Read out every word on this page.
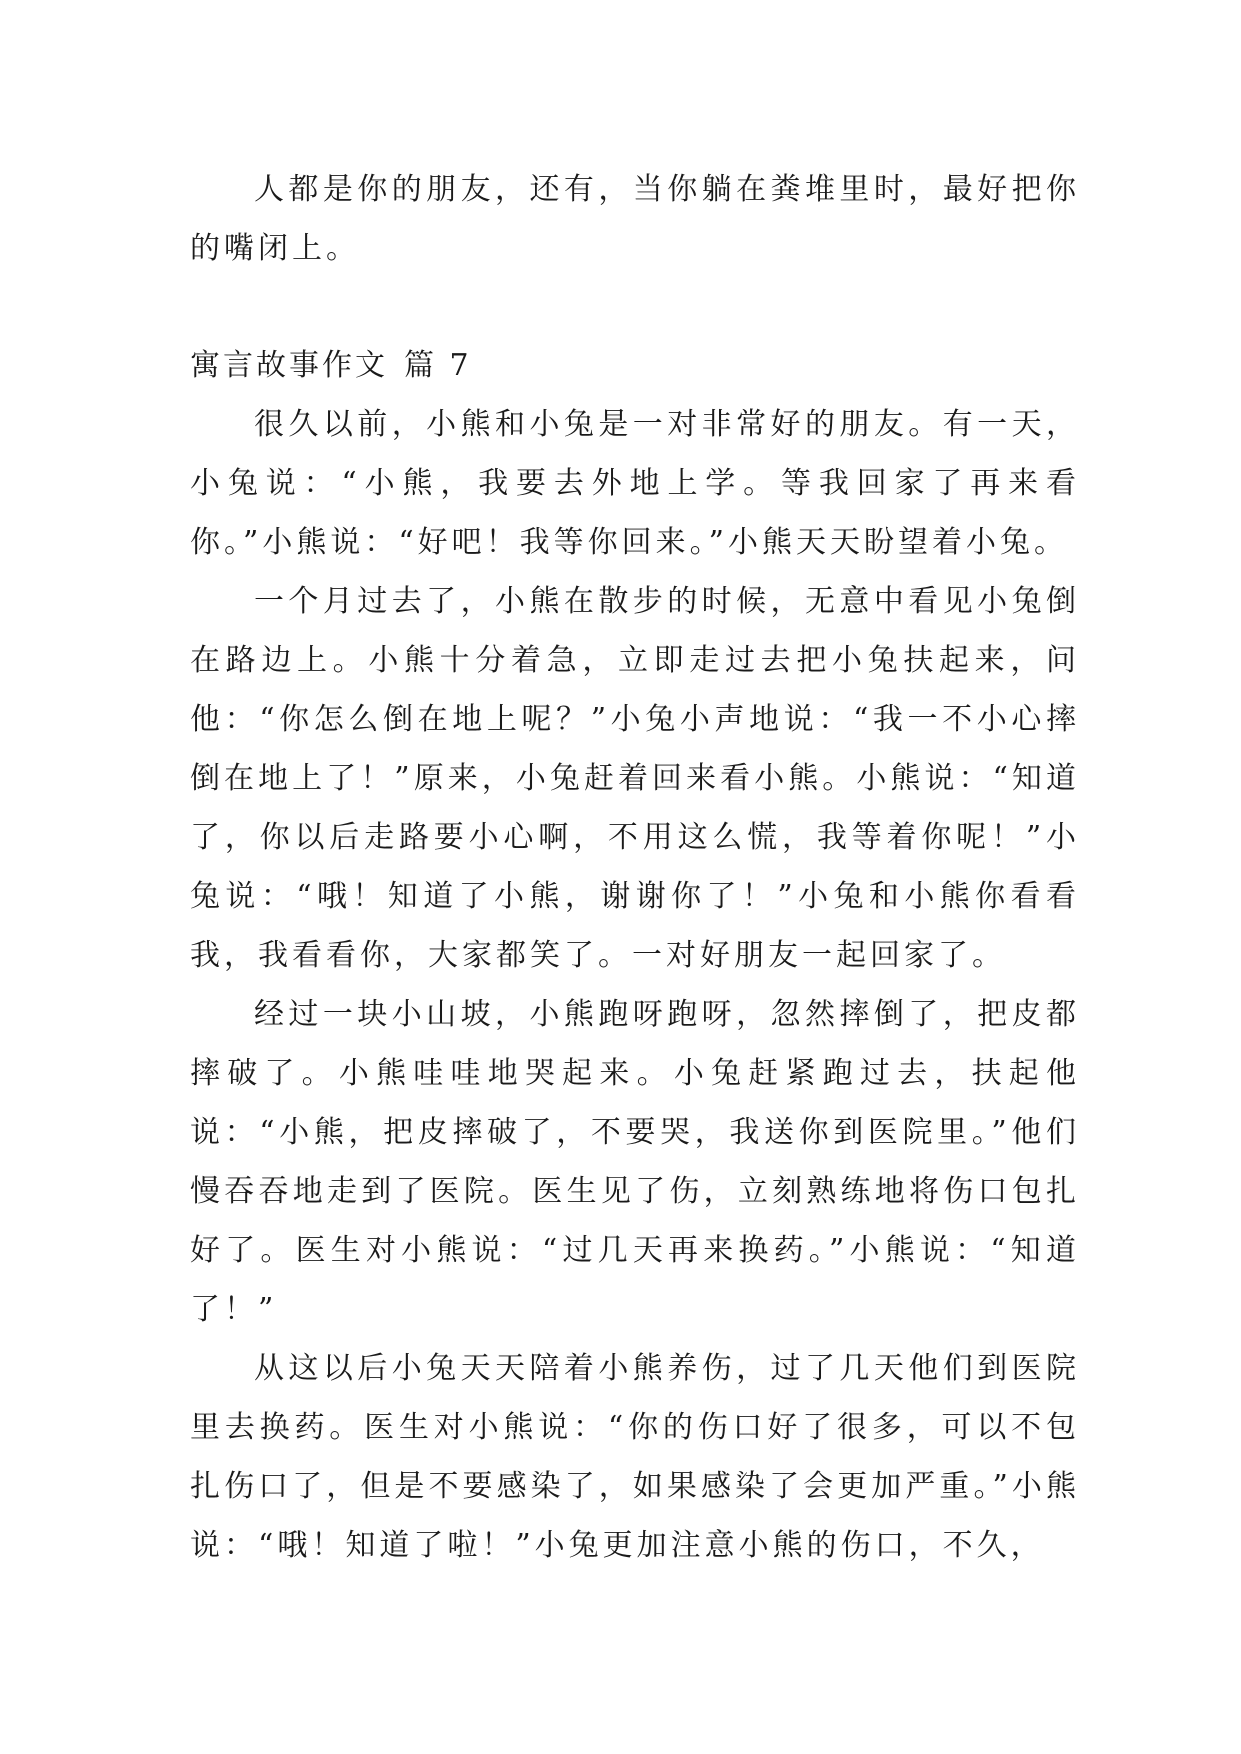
人都是你的朋友，还有，当你躺在粪堆里时，最好把你的嘴闭上。

寓言故事作文 篇 7

很久以前，小熊和小兔是一对非常好的朋友。有一天，小兔说：“小熊，我要去外地上学。等我回家了再来看你。”小熊说：“好吧！我等你回来。”小熊天天盼望着小兔。

一个月过去了，小熊在散步的时候，无意中看见小兔倒在路边上。小熊十分着急，立即走过去把小兔扶起来，问他：“你怎么倒在地上呢？”小兔小声地说：“我一不小心摔倒在地上了！”原来，小兔赶着回来看小熊。小熊说：“知道了，你以后走路要小心啊，不用这么慌，我等着你呢！”小兔说：“哦！知道了小熊，谢谢你了！”小兔和小熊你看看我，我看看你，大家都笑了。一对好朋友一起回家了。

经过一块小山坡，小熊跑呀跑呀，忽然摔倒了，把皮都摔破了。小熊哇哇地哭起来。小兔赶紧跑过去，扶起他说：“小熊，把皮摔破了，不要哭，我送你到医院里。”他们慢吞吞地走到了医院。医生见了伤，立刻熟练地将伤口包扎好了。医生对小熊说：“过几天再来换药。”小熊说：“知道了！”

从这以后小兔天天陪着小熊养伤，过了几天他们到医院里去换药。医生对小熊说：“你的伤口好了很多，可以不包扎伤口了，但是不要感染了，如果感染了会更加严重。”小熊说：“哦！知道了啦！”小兔更加注意小熊的伤口，不久，
